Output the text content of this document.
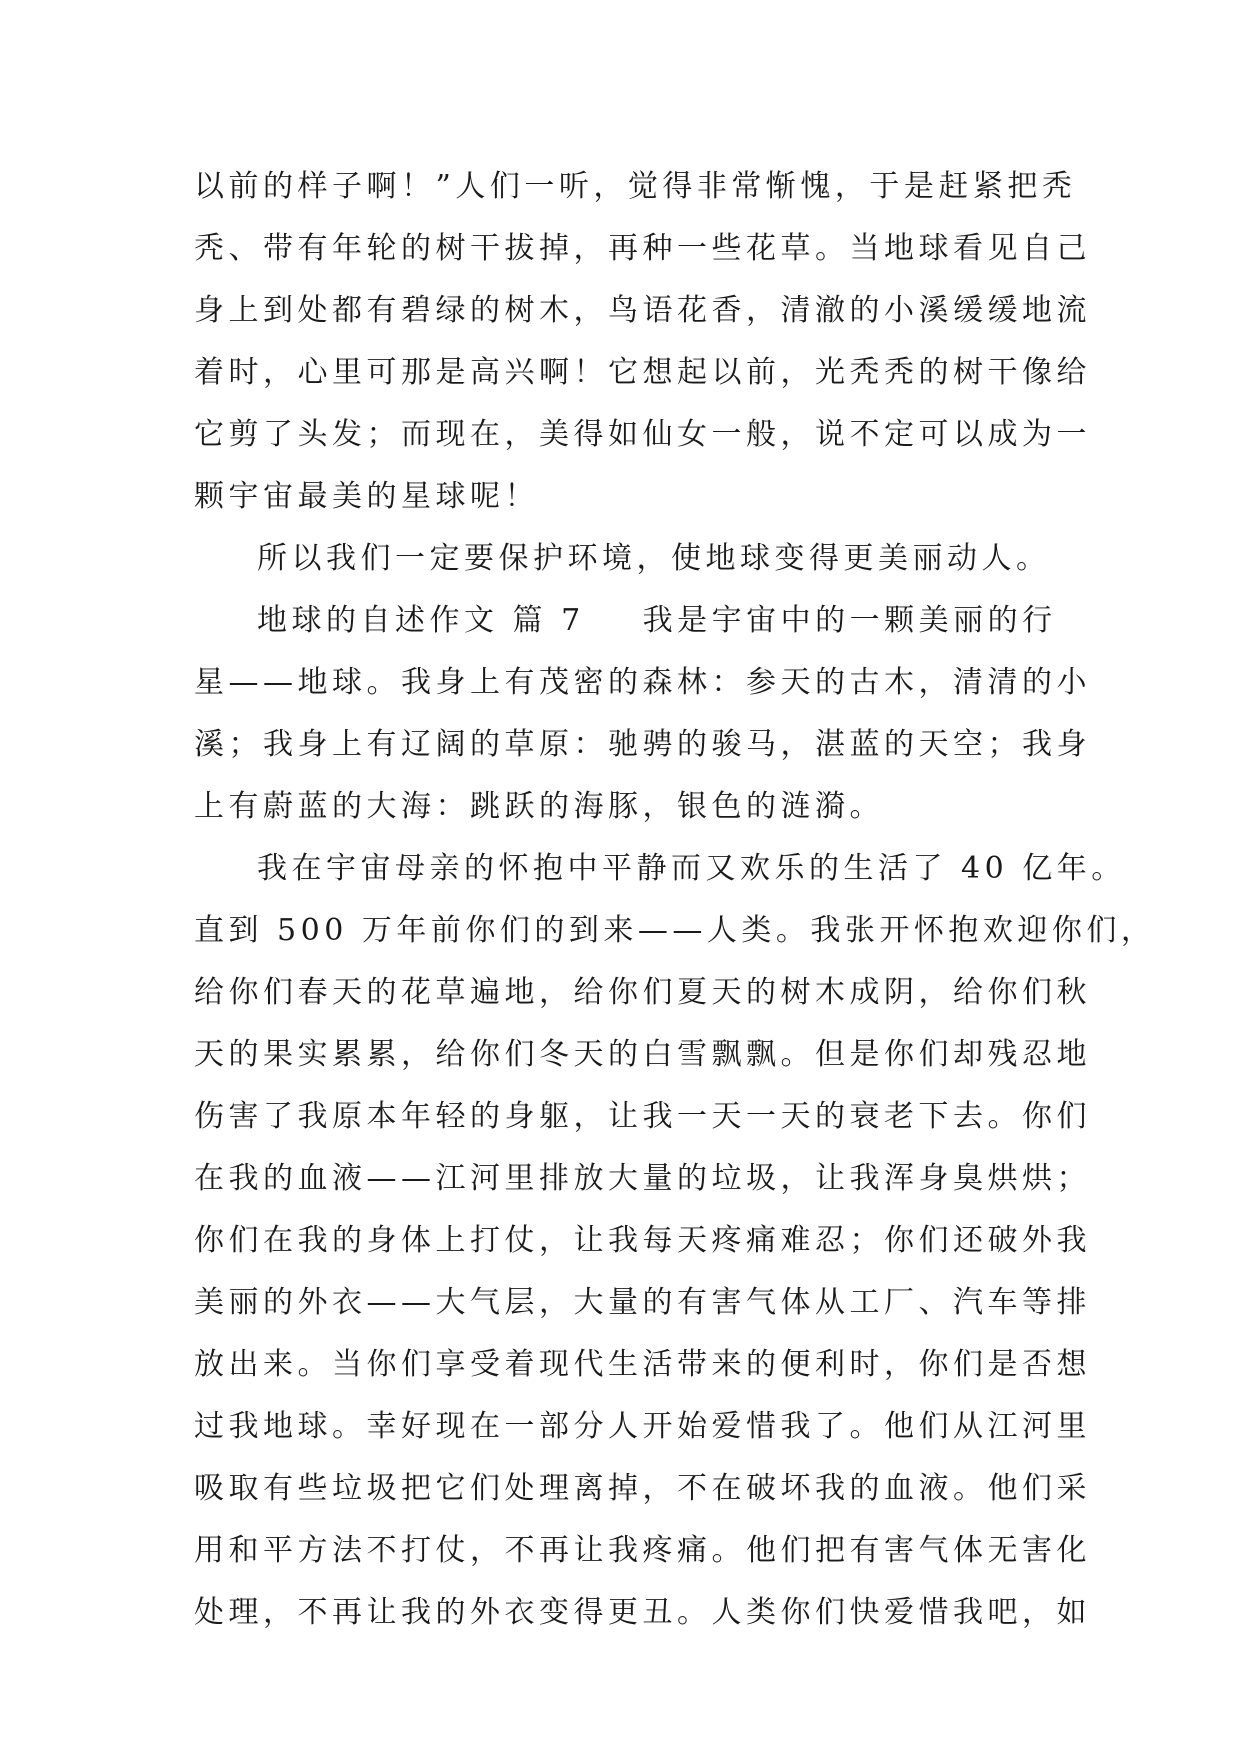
以前的样子啊！”人们一听，觉得非常惭愧，于是赶紧把秃
秃、带有年轮的树干拔掉，再种一些花草。当地球看见自己
身上到处都有碧绿的树木，鸟语花香，清澈的小溪缓缓地流
着时，心里可那是高兴啊！它想起以前，光秃秃的树干像给
它剪了头发；而现在，美得如仙女一般，说不定可以成为一
颗宇宙最美的星球呢！
所以我们一定要保护环境，使地球变得更美丽动人。
地球的自述作文 篇 7 我是宇宙中的一颗美丽的行
星——地球。我身上有茂密的森林：参天的古木，清清的小
溪；我身上有辽阔的草原：驰骋的骏马，湛蓝的天空；我身
上有蔚蓝的大海：跳跃的海豚，银色的涟漪。
我在宇宙母亲的怀抱中平静而又欢乐的生活了 40 亿年。
直到 500 万年前你们的到来——人类。我张开怀抱欢迎你们，
给你们春天的花草遍地，给你们夏天的树木成阴，给你们秋
天的果实累累，给你们冬天的白雪飘飘。但是你们却残忍地
伤害了我原本年轻的身躯，让我一天一天的衰老下去。你们
在我的血液——江河里排放大量的垃圾，让我浑身臭烘烘；
你们在我的身体上打仗，让我每天疼痛难忍；你们还破外我
美丽的外衣——大气层，大量的有害气体从工厂、汽车等排
放出来。当你们享受着现代生活带来的便利时，你们是否想
过我地球。幸好现在一部分人开始爱惜我了。他们从江河里
吸取有些垃圾把它们处理离掉，不在破坏我的血液。他们采
用和平方法不打仗，不再让我疼痛。他们把有害气体无害化
处理，不再让我的外衣变得更丑。人类你们快爱惜我吧，如
